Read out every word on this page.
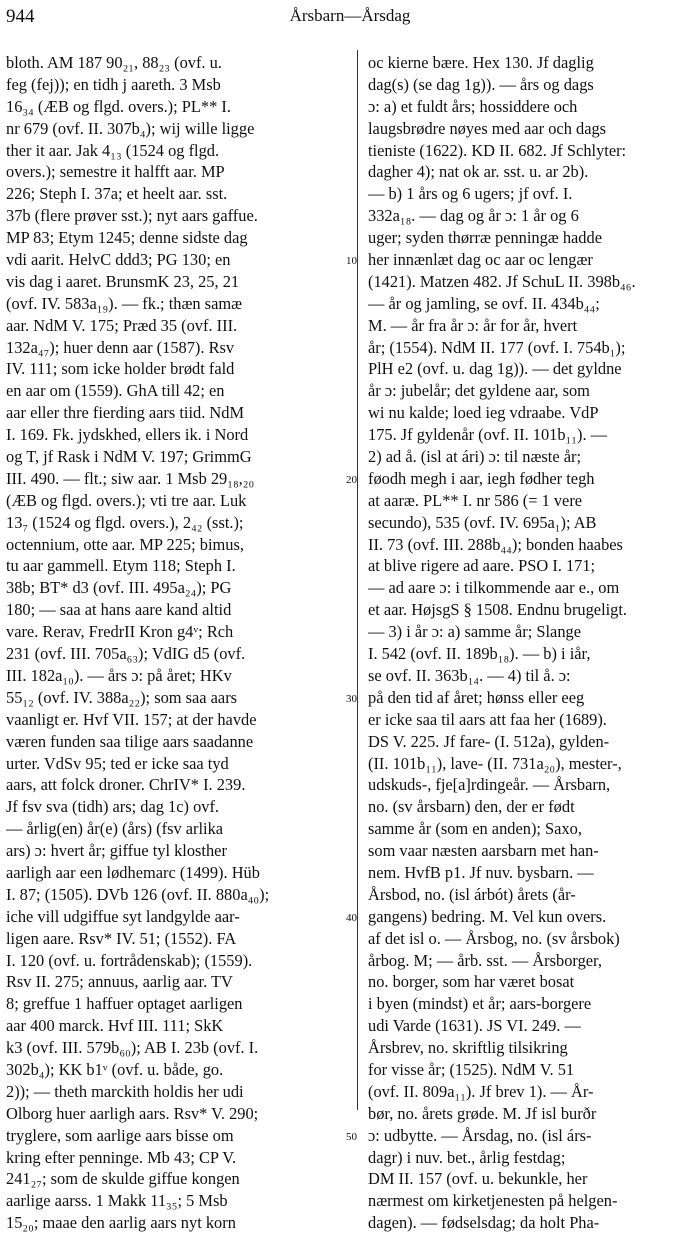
944	Årsbarn—Årsdag
bloth. AM 187 90₂₁, 88₂₃ (ovf. u.
feg (fej)); en tidh j aareth. 3 Msb
16₃₄ (ÆB og flgd. overs.); PL** I.
nr 679 (ovf. II. 307b₄); wij wille ligge
ther it aar. Jak 4₁₃ (1524 og flgd.
overs.); semestre it halfft aar. MP
226; Steph I. 37a; et heelt aar. sst.
37b (flere prøver sst.); nyt aars gaffue.
MP 83; Etym 1245; denne sidste dag
vdi aarit. HelvC ddd3; PG 130; en
vis dag i aaret. BrunsmK 23, 25, 21
(ovf. IV. 583a₁₉). — fk.; thæn samæ
aar. NdM V. 175; Præd 35 (ovf. III.
132a₄₇); huer denn aar (1587). Rsv
IV. 111; som icke holder brødt fald
en aar om (1559). GhA till 42; en
aar eller thre fierding aars tiid. NdM
I. 169. Fk. jydskhed, ellers ik. i Nord
og T, jf Rask i NdM V. 197; GrimmG
III. 490. — flt.; siw aar. 1 Msb 29₁₈,₂₀
(ÆB og flgd. overs.); vti tre aar. Luk
13₇ (1524 og flgd. overs.), 2₄₂ (sst.);
octennium, otte aar. MP 225; bimus,
tu aar gammell. Etym 118; Steph I.
38b; BT* d3 (ovf. III. 495a₂₄); PG
180; — saa at hans aare kand altid
vare. Rerav, FredrII Kron g4ᵛ; Rch
231 (ovf. III. 705a₆₃); VdIG d5 (ovf.
III. 182a₁₀). — års ɔ: på året; HKv
55₁₂ (ovf. IV. 388a₂₂); som saa aars
vaanligt er. Hvf VII. 157; at der havde
væren funden saa tilige aars saadanne
urter. VdSv 95; ted er icke saa tyd
aars, att folck droner. ChrIV* I. 239.
Jf fsv sva (tidh) ars; dag 1c) ovf.
— årlig(en) år(e) (års) (fsv arlika
ars) ɔ: hvert år; giffue tyl klosther
aarligh aar een lødhemarc (1499). Hüb
I. 87; (1505). DVb 126 (ovf. II. 880a₄₀);
iche vill udgiffue syt landgylde aar-
ligen aare. Rsv* IV. 51; (1552). FA
I. 120 (ovf. u. fortrådenskab); (1559).
Rsv II. 275; annuus, aarlig aar. TV
8; greffue 1 haffuer optaget aarligen
aar 400 marck. Hvf III. 111; SkK
k3 (ovf. III. 579b₆₀); AB I. 23b (ovf. I.
302b₄); KK b1ᵛ (ovf. u. både, go.
2)); — theth marckith holdis her udi
Olborg huer aarligh aars. Rsv* V. 290;
tryglere, som aarlige aars bisse om
kring efter penninge. Mb 43; CP V.
241₂₇; som de skulde giffue kongen
aarlige aarss. 1 Makk 11₃₅; 5 Msb
15₂₀; maae den aarlig aars nyt korn
10
20
30
40
50
oc kierne bære. Hex 130. Jf daglig
dag(s) (se dag 1g)). — års og dags
ɔ: a) et fuldt års; hossiddere och
laugsbrødre nøyes med aar och dags
tieniste (1622). KD II. 682. Jf Schlyter:
dagher 4); nat ok ar. sst. u. ar 2b).
— b) 1 års og 6 ugers; jf ovf. I.
332a₁₈. — dag og år ɔ: 1 år og 6
uger; syden thørræ penningæ hadde
her innænlæt dag oc aar oc lengær
(1421). Matzen 482. Jf SchuL II. 398b₄₆.
— år og jamling, se ovf. II. 434b₄₄;
M. — år fra år ɔ: år for år, hvert
år; (1554). NdM II. 177 (ovf. I. 754b₁);
PlH e2 (ovf. u. dag 1g)). — det gyldne
år ɔ: jubelår; det gyldene aar, som
wi nu kalde; loed ieg vdraabe. VdP
175. Jf gyldenår (ovf. II. 101b₁₁). —
2) ad å. (isl at ári) ɔ: til næste år;
føodh megh i aar, iegh fødher tegh
at aaræ. PL** I. nr 586 (= 1 vere
secundo), 535 (ovf. IV. 695a₁); AB
II. 73 (ovf. III. 288b₄₄); bonden haabes
at blive rigere ad aare. PSO I. 171;
— ad aare ɔ: i tilkommende aar e., om
et aar. HøjsgS § 1508. Endnu brugeligt.
— 3) i år ɔ: a) samme år; Slange
I. 542 (ovf. II. 189b₁₈). — b) i iår,
se ovf. II. 363b₁₄. — 4) til å. ɔ:
på den tid af året; hønss eller eeg
er icke saa til aars att faa her (1689).
DS V. 225. Jf fare- (I. 512a), gylden-
(II. 101b₁₁), lave- (II. 731a₂₀), mester-,
udskuds-, fje[a]rdingeår. — Årsbarn,
no. (sv årsbarn) den, der er født
samme år (som en anden); Saxo,
som vaar næsten aarsbarn met han-
nem. HvfB p1. Jf nuv. bysbarn. —
Årsbod, no. (isl árbót) årets (år-
gangens) bedring. M. Vel kun overs.
af det isl o. — Årsbog, no. (sv årsbok)
årbog. M; — årb. sst. — Årsborger,
no. borger, som har været bosat
i byen (mindst) et år; aars-borgere
udi Varde (1631). JS VI. 249. —
Årsbrev, no. skriftlig tilsikring
for visse år; (1525). NdM V. 51
(ovf. II. 809a₁₁). Jf brev 1). — År-
bør, no. årets grøde. M. Jf isl burðr
ɔ: udbytte. — Årsdag, no. (isl árs-
dagr) i nuv. bet., årlig festdag;
DM II. 157 (ovf. u. bekunkle, her
nærmest om kirketjenesten på helgen-
dagen). — fødselsdag; da holt Pha-
